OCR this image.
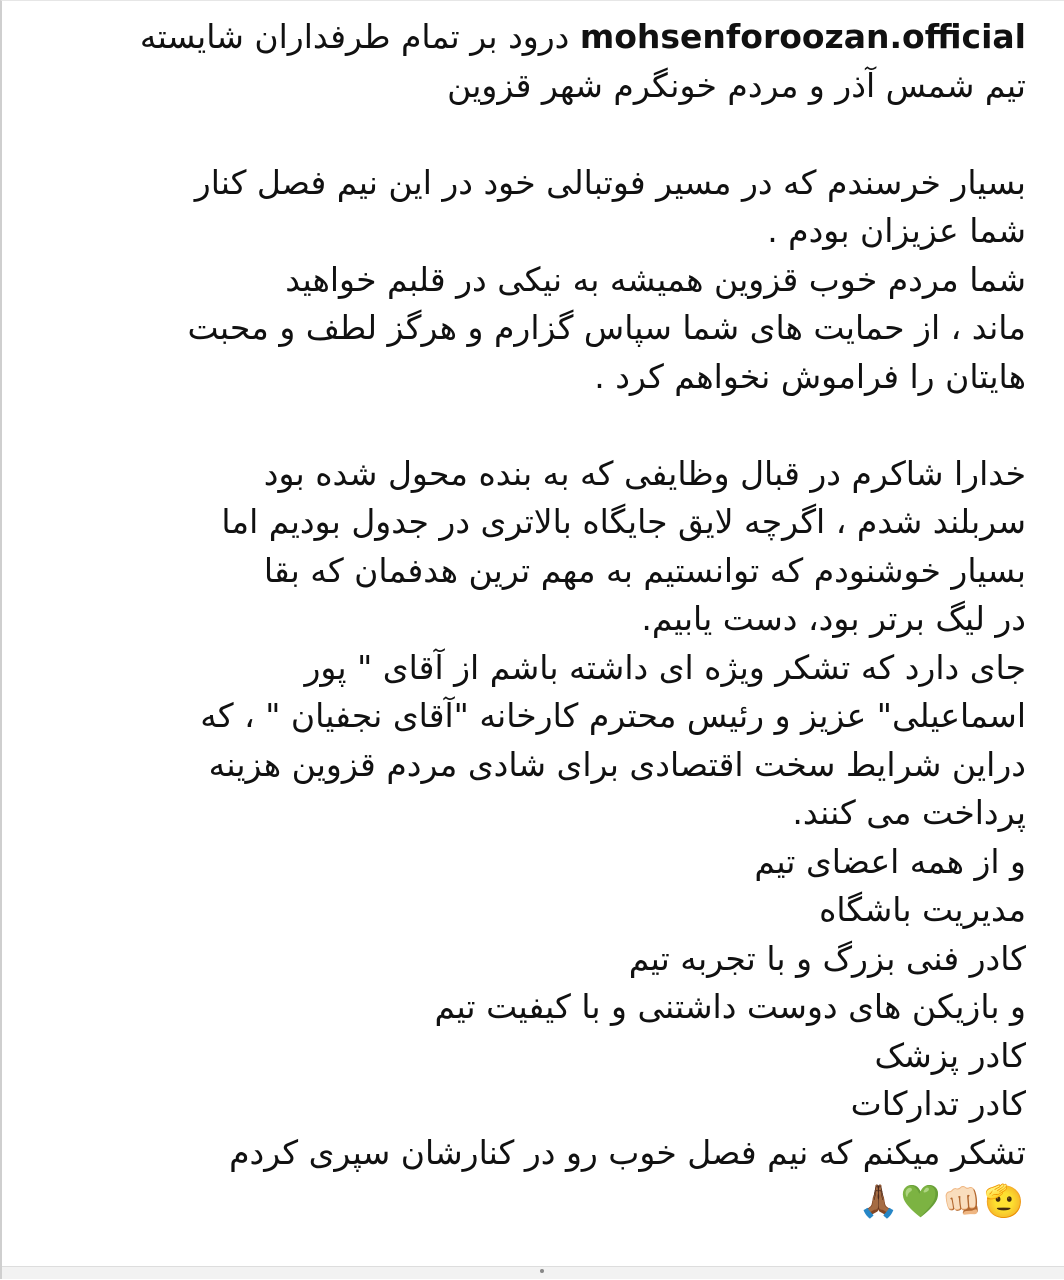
mohsenforoozan.official درود بر تمام طرفداران شایسته
تیم شمس آذر و مردم خونگرم شهر قزوین
بسیار خرسندم که در مسیر فوتبالی خود در این نیم فصل کنار
شما عزیزان بودم .
شما مردم خوب قزوین همیشه به نیکی در قلبم خواهید
ماند ، از حمایت های شما سپاس گزارم و هرگز لطف و محبت
هایتان را فراموش نخواهم کرد .
خدارا شاکرم در قبال وظایفی که به بنده محول شده بود
سربلند شدم ، اگرچه لایق جایگاه بالاتری در جدول بودیم اما
بسیار خوشنودم که توانستیم به مهم ترین هدفمان که بقا
در لیگ برتر بود، دست یابیم.
جای دارد که تشکر ویژه ای داشته باشم از آقای " پور
اسماعیلی" عزیز و رئیس محترم کارخانه "آقای نجفیان " ، که
دراین شرایط سخت اقتصادی برای شادی مردم قزوین هزینه
پرداخت می کنند.
و از همه اعضای تیم
مدیریت باشگاه
کادر فنی بزرگ و با تجربه تیم
و بازیکن های دوست داشتنی و با کیفیت تیم
کادر پزشک
کادر تدارکات
تشکر میکنم که نیم فصل خوب رو در کنارشان سپری کردم
🫡👊🏻💚🙏🏾
